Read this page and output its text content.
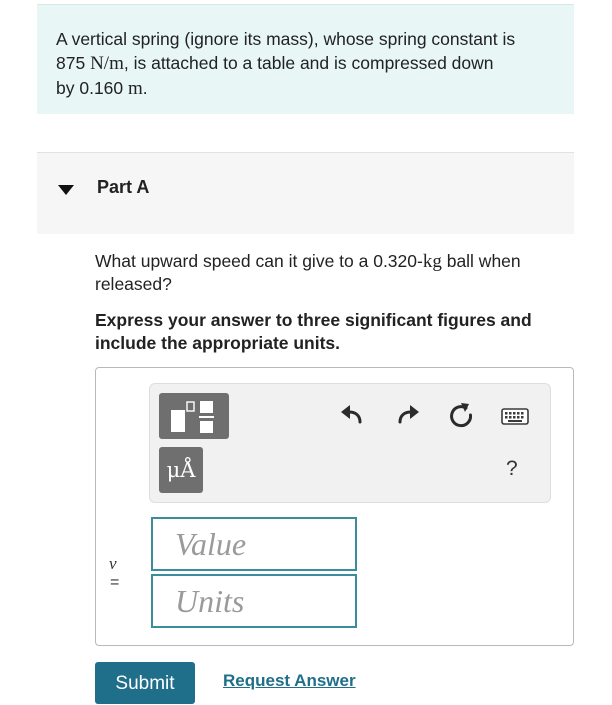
A vertical spring (ignore its mass), whose spring constant is
875 N/m, is attached to a table and is compressed down
by 0.160 m.
Part A
What upward speed can it give to a 0.320-kg ball when released?
Express your answer to three significant figures and include the appropriate units.
μÅ	?
v
=
Value
Units
Submit	Request Answer
